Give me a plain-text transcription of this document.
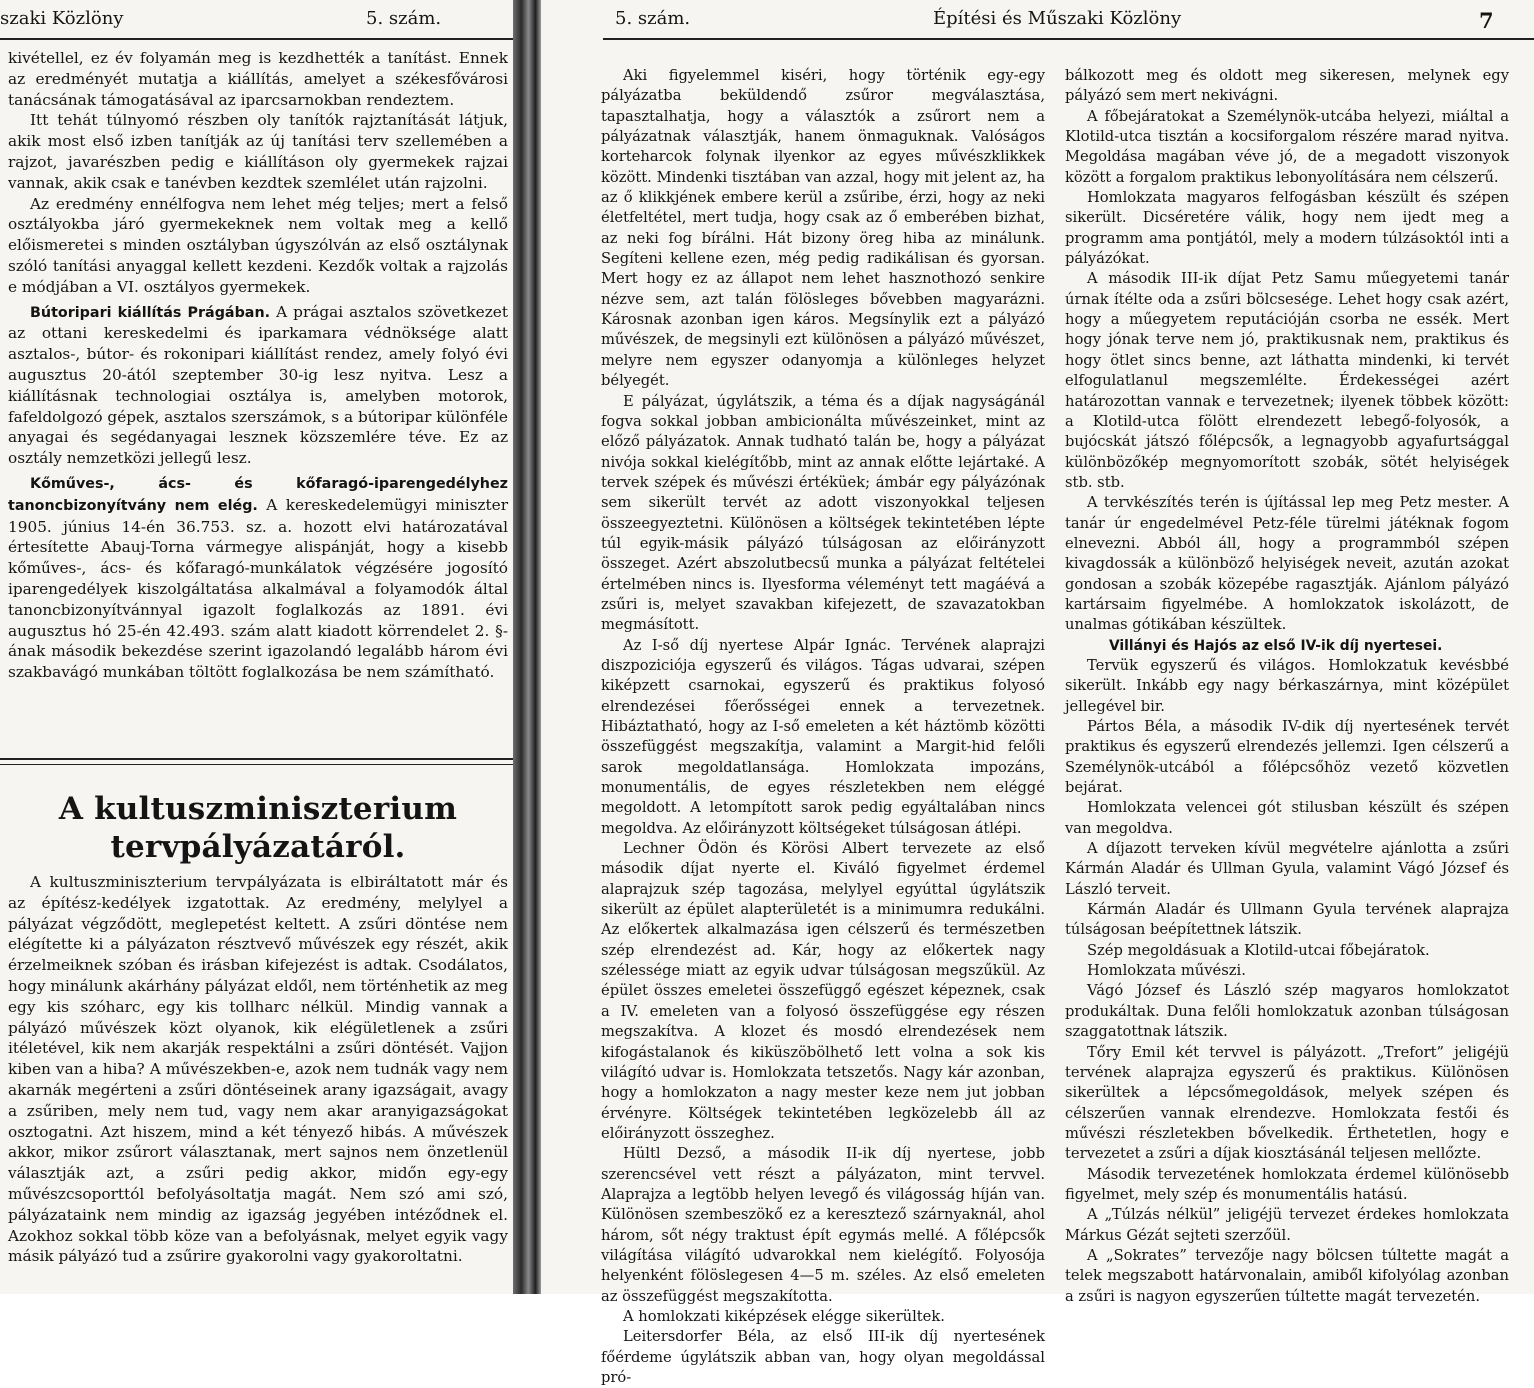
szaki Közlöny	5. szám.

kivétellel, ez év folyamán meg is kezdhették a tanítást. Ennek az eredményét mutatja a kiállítás, amelyet a székesfővárosi tanácsának támogatásával az iparcsarnokban rendeztem.

Itt tehát túlnyomó részben oly tanítók rajztanítását látjuk, akik most első izben tanítják az új tanítási terv szellemében a rajzot, javarészben pedig e kiállításon oly gyermekek rajzai vannak, akik csak e tanévben kezdtek szemlélet után rajzolni.

Az eredmény ennélfogva nem lehet még teljes; mert a felső osztályokba járó gyermekeknek nem voltak meg a kellő előismeretei s minden osztályban úgyszólván az első osztálynak szóló tanítási anyaggal kellett kezdeni. Kezdők voltak a rajzolás e módjában a VI. osztályos gyermekek.

Bútoripari kiállítás Prágában. A prágai asztalos szövetkezet az ottani kereskedelmi és iparkamara védnöksége alatt asztalos-, bútor- és rokonipari kiállítást rendez, amely folyó évi augusztus 20-ától szeptember 30-ig lesz nyitva. Lesz a kiállításnak technologiai osztálya is, amelyben motorok, fafeldolgozó gépek, asztalos szerszámok, s a bútoripar különféle anyagai és segédanyagai lesznek közszemlére téve. Ez az osztály nemzetközi jellegű lesz.

Kőműves-, ács- és kőfaragó-iparengedélyhez tanoncbizonyítvány nem elég. A kereskedelemügyi miniszter 1905. június 14-én 36.753. sz. a. hozott elvi határozatával értesítette Abauj-Torna vármegye alispánját, hogy a kisebb kőműves-, ács- és kőfaragó-munkálatok végzésére jogosító iparengedélyek kiszolgáltatása alkalmával a folyamodók által tanoncbizonyítvánnyal igazolt foglalkozás az 1891. évi augusztus hó 25-én 42.493. szám alatt kiadott körrendelet 2. §-ának második bekezdése szerint igazolandó legalább három évi szakbavágó munkában töltött foglalkozása be nem számítható.

A kultuszminiszterium tervpályázatáról.

A kultuszminiszterium tervpályázata is elbiráltatott már és az építész-kedélyek izgatottak. Az eredmény, melylyel a pályázat végződött, meglepetést keltett. A zsűri döntése nem elégítette ki a pályázaton résztvevő művészek egy részét, akik érzelmeiknek szóban és irásban kifejezést is adtak. Csodálatos, hogy minálunk akárhány pályázat eldől, nem történhetik az meg egy kis szóharc, egy kis tollharc nélkül. Mindig vannak a pályázó művészek közt olyanok, kik elégületlenek a zsűri itéletével, kik nem akarják respektálni a zsűri döntését. Vajjon kiben van a hiba? A művészekben-e, azok nem tudnák vagy nem akarnák megérteni a zsűri döntéseinek arany igazságait, avagy a zsűriben, mely nem tud, vagy nem akar aranyigazságokat osztogatni. Azt hiszem, mind a két tényező hibás. A művészek akkor, mikor zsűrort választanak, mert sajnos nem önzetlenül választják azt, a zsűri pedig akkor, midőn egy-egy művészcsoporttól befolyásoltatja magát. Nem szó ami szó, pályázataink nem mindig az igazság jegyében intéződnek el. Azokhoz sokkal több köze van a befolyásnak, melyet egyik vagy másik pályázó tud a zsűrire gyakorolni vagy gyakoroltatni.

5. szám.	Építési és Műszaki Közlöny	7

Aki figyelemmel kiséri, hogy történik egy-egy pályázatba beküldendő zsűror megválasztása, tapasztalhatja, hogy a választók a zsűrort nem a pályázatnak választják, hanem önmaguknak. Valóságos korteharcok folynak ilyenkor az egyes művészklikkek között. Mindenki tisztában van azzal, hogy mit jelent az, ha az ő klikkjének embere kerül a zsűribe, érzi, hogy az neki életfeltétel, mert tudja, hogy csak az ő emberében bizhat, az neki fog bírálni. Hát bizony öreg hiba az minálunk. Segíteni kellene ezen, még pedig radikálisan és gyorsan. Mert hogy ez az állapot nem lehet hasznothozó senkire nézve sem, azt talán fölösleges bővebben magyarázni. Károsnak azonban igen káros. Megsínylik ezt a pályázó művészek, de megsinyli ezt különösen a pályázó művészet, melyre nem egyszer odanyomja a különleges helyzet bélyegét.

E pályázat, úgylátszik, a téma és a díjak nagyságánál fogva sokkal jobban ambicionálta művészeinket, mint az előző pályázatok. Annak tudható talán be, hogy a pályázat nivója sokkal kielégítőbb, mint az annak előtte lejártaké. A tervek szépek és művészi értéküek; ámbár egy pályázónak sem sikerült tervét az adott viszonyokkal teljesen összeegyeztetni. Különösen a költségek tekintetében lépte túl egyik-másik pályázó túlságosan az előirányzott összeget. Azért abszolutbecsű munka a pályázat feltételei értelmében nincs is. Ilyesforma véleményt tett magáévá a zsűri is, melyet szavakban kifejezett, de szavazatokban megmásított.

Az I-ső díj nyertese Alpár Ignác. Tervének alaprajzi diszpoziciója egyszerű és világos. Tágas udvarai, szépen kiképzett csarnokai, egyszerű és praktikus folyosó elrendezései főerősségei ennek a tervezetnek. Hibáztatható, hogy az I-ső emeleten a két háztömb közötti összefüggést megszakítja, valamint a Margit-hid felőli sarok megoldatlansága. Homlokzata impozáns, monumentális, de egyes részletekben nem eléggé megoldott. A letompított sarok pedig egyáltalában nincs megoldva. Az előirányzott költségeket túlságosan átlépi.

Lechner Ödön és Körösi Albert tervezete az első második díjat nyerte el. Kiváló figyelmet érdemel alaprajzuk szép tagozása, melylyel egyúttal úgylátszik sikerült az épület alapterületét is a minimumra redukálni. Az előkertek alkalmazása igen célszerű és természetben szép elrendezést ad. Kár, hogy az előkertek nagy szélessége miatt az egyik udvar túlságosan megszűkül. Az épület összes emeletei összefüggő egészet képeznek, csak a IV. emeleten van a folyosó összefüggése egy részen megszakítva. A klozet és mosdó elrendezések nem kifogástalanok és kiküszöbölhető lett volna a sok kis világító udvar is. Homlokzata tetszetős. Nagy kár azonban, hogy a homlokzaton a nagy mester keze nem jut jobban érvényre. Költségek tekintetében legközelebb áll az előirányzott összeghez.

Hültl Dezső, a második II-ik díj nyertese, jobb szerencsével vett részt a pályázaton, mint tervvel. Alaprajza a legtöbb helyen levegő és világosság híján van. Különösen szembeszökő ez a keresztező szárnyaknál, ahol három, sőt négy traktust épít egymás mellé. A főlépcsők világítása világító udvarokkal nem kielégítő. Folyosója helyenként fölöslegesen 4—5 m. széles. Az első emeleten az összefüggést megszakította.

A homlokzati kiképzések elégge sikerültek.

Leitersdorfer Béla, az első III-ik díj nyertesének főérdeme úgylátszik abban van, hogy olyan megoldással pró-

bálkozott meg és oldott meg sikeresen, melynek egy pályázó sem mert nekivágni.

A főbejáratokat a Személynök-utcába helyezi, miáltal a Klotild-utca tisztán a kocsiforgalom részére marad nyitva. Megoldása magában véve jó, de a megadott viszonyok között a forgalom praktikus lebonyolítására nem célszerű.

Homlokzata magyaros felfogásban készült és szépen sikerült. Dicséretére válik, hogy nem ijedt meg a programm ama pontjától, mely a modern túlzásoktól inti a pályázókat.

A második III-ik díjat Petz Samu műegyetemi tanár úrnak ítélte oda a zsűri bölcsesége. Lehet hogy csak azért, hogy a műegyetem reputációján csorba ne essék. Mert hogy jónak terve nem jó, praktikusnak nem, praktikus és hogy ötlet sincs benne, azt láthatta mindenki, ki tervét elfogulatlanul megszemlélte. Érdekességei azért határozottan vannak e tervezetnek; ilyenek többek között: a Klotild-utca fölött elrendezett lebegő-folyosók, a bujócskát játszó főlépcsők, a legnagyobb agyafurtsággal különbözőkép megnyomorított szobák, sötét helyiségek stb. stb.

A tervkészítés terén is újítással lep meg Petz mester. A tanár úr engedelmével Petz-féle türelmi játéknak fogom elnevezni. Abból áll, hogy a programmból szépen kivagdossák a különböző helyiségek neveit, azután azokat gondosan a szobák közepébe ragasztják. Ajánlom pályázó kartársaim figyelmébe. A homlokzatok iskolázott, de unalmas gótikában készültek.

Villányi és Hajós az első IV-ik díj nyertesei.

Tervük egyszerű és világos. Homlokzatuk kevésbbé sikerült. Inkább egy nagy bérkaszárnya, mint középület jellegével bir.

Pártos Béla, a második IV-dik díj nyertesének tervét praktikus és egyszerű elrendezés jellemzi. Igen célszerű a Személynök-utcából a főlépcsőhöz vezető közvetlen bejárat.

Homlokzata velencei gót stilusban készült és szépen van megoldva.

A díjazott terveken kívül megvételre ajánlotta a zsűri Kármán Aladár és Ullman Gyula, valamint Vágó József és László terveit.

Kármán Aladár és Ullmann Gyula tervének alaprajza túlságosan beépítettnek látszik.

Szép megoldásuak a Klotild-utcai főbejáratok.

Homlokzata művészi.

Vágó József és László szép magyaros homlokzatot produkáltak. Duna felőli homlokzatuk azonban túlságosan szaggatottnak látszik.

Tőry Emil két tervvel is pályázott. „Trefort” jeligéjü tervének alaprajza egyszerű és praktikus. Különösen sikerültek a lépcsőmegoldások, melyek szépen és célszerűen vannak elrendezve. Homlokzata festői és művészi részletekben bővelkedik. Érthetetlen, hogy e tervezetet a zsűri a díjak kiosztásánál teljesen mellőzte.

Második tervezetének homlokzata érdemel különösebb figyelmet, mely szép és monumentális hatású.

A „Túlzás nélkül” jeligéjü tervezet érdekes homlokzata Márkus Gézát sejteti szerzőül.

A „Sokrates” tervezője nagy bölcsen túltette magát a telek megszabott határvonalain, amiből kifolyólag azonban a zsűri is nagyon egyszerűen túltette magát tervezetén.
